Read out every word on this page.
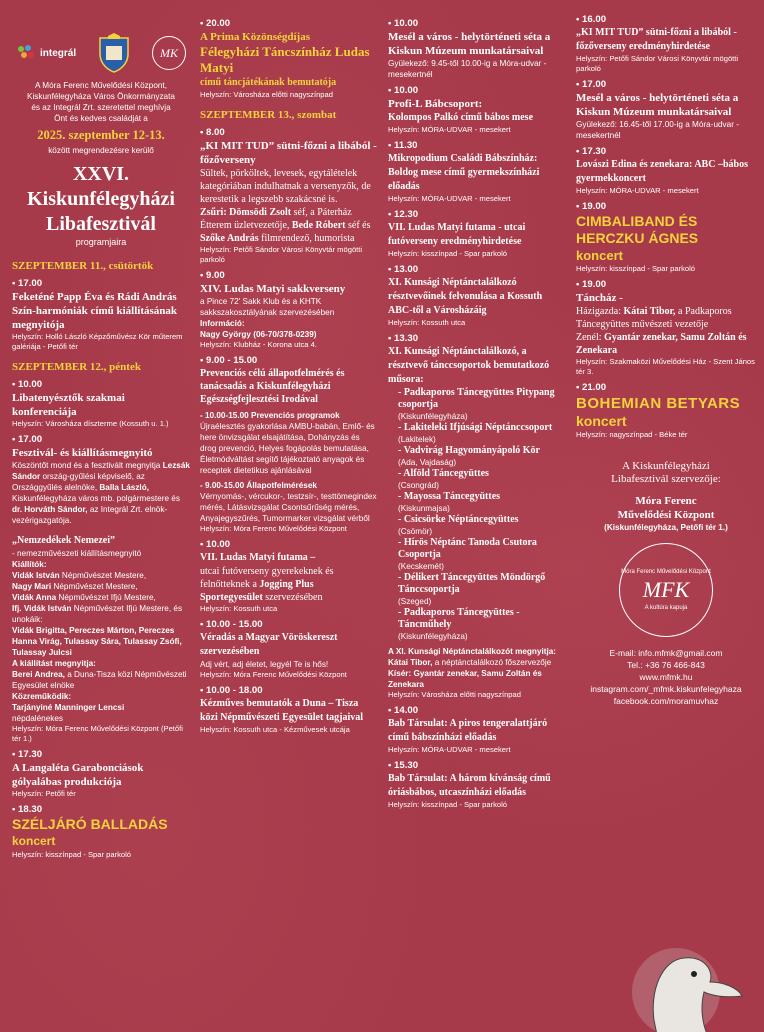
integrál	MK
A Móra Ferenc Művelődési Központ,
Kiskunfélegyháza Város Önkormányzata
és az Integrál Zrt. szeretettel meghívja
Önt és kedves családját a
2025. szeptember 12-13.
között megrendezésre kerülő
XXVI.
Kiskunfélegyházi
Libafesztivál
programjaira
SZEPTEMBER 11., csütörtök
• 17.00
Feketéné Papp Éva és Rádi András Szín-harmóniák című kiállításának megnyitója
Helyszín: Holló László Képzőművész Kör műterem galériája - Petőfi tér
SZEPTEMBER 12., péntek
• 10.00
Libatenyésztők szakmai konferenciája
Helyszín: Városháza díszterme (Kossuth u. 1.)
• 17.00
Fesztivál- és kiállításmegnyitó
Köszöntőt mond és a fesztivált megnyitja Lezsák Sándor ország-gyűlési képviselő, az Országgyűlés alelnöke, Balla László, Kiskunfélegyháza város mb. polgármestere és dr. Horváth Sándor, az Integrál Zrt. elnök-vezérigazgatója.
„Nemzedékek Nemezei”
- nemezművészeti kiállításmegnyitó
Kiállítók:
Vidák István Népművészet Mestere,
Nagy Mari Népművészet Mestere,
Vidák Anna Népművészet Ifjú Mestere,
Ifj. Vidák István Népművészet Ifjú Mestere, és unokáik:
Vidák Brigitta, Pereczes Márton, Pereczes Hanna Virág, Tulassay Sára, Tulassay Zsófi, Tulassay Julcsi
A kiállítást megnyitja:
Berei Andrea, a Duna-Tisza közi Népművészeti Egyesület elnöke
Közreműködik:
Tarjányiné Manninger Lencsi
népdalénekes
Helyszín: Móra Ferenc Művelődési Központ (Petőfi tér 1.)
• 17.30
A Langaléta Garabonciások gólyalábas produkciója
Helyszín: Petőfi tér
• 18.30
SZÉLJÁRÓ BALLADÁS
koncert
Helyszín: kisszínpad - Spar parkoló
• 20.00
A Prima Közönségdíjas
Félegyházi Táncszínház Ludas Matyi
című táncjátékának bemutatója
Helyszín: Városháza előtti nagyszínpad
SZEPTEMBER 13., szombat
• 8.00
„KI MIT TUD” sütni-főzni a libából - főzőverseny
Sültek, pörköltek, levesek, egytálételek kategóriában indulhatnak a versenyzők, de kerestetik a legszebb szakácsné is.
Zsűri: Dömsödi Zsolt séf, a Páterház Étterem üzletvezetője, Bede Róbert séf és Szőke András filmrendező, humorista
Helyszín: Petőfi Sándor Városi Könyvtár mögötti parkoló
• 9.00
XIV. Ludas Matyi sakkverseny
a Pince 72' Sakk Klub és a KHTK sakkszakosztályának szervezésében
Információ:
Nagy György (06-70/378-0239)
Helyszín: Klubház - Korona utca 4.
• 9.00 - 15.00
Prevenciós célú állapotfelmérés és tanácsadás a Kiskunfélegyházi Egészségfejlesztési Irodával
- 10.00-15.00 Prevenciós programok
Újraélesztés gyakorlása AMBU-babán, Emlő- és here önvizsgálat elsajátítása, Dohányzás és drog prevenció, Helyes fogápolás bemutatása, Életmódváltást segítő tájékoztató anyagok és receptek dietetikus ajánlásával
- 9.00-15.00 Állapotfelmérések
Vérnyomás-, vércukor-, testzsír-, testtömegindex mérés, Látásvizsgálat Csontsűrűség mérés, Anyajegyszűrés, Tumormarker vizsgálat vérből
Helyszín: Móra Ferenc Művelődési Központ
• 10.00
VII. Ludas Matyi futama –
utcai futóverseny gyerekeknek és felnőtteknek a Jogging Plus Sportegyesület szervezésében
Helyszín: Kossuth utca
• 10.00 - 15.00
Véradás a Magyar Vöröskereszt szervezésében
Adj vért, adj életet, legyél Te is hős!
Helyszín: Móra Ferenc Művelődési Központ
• 10.00 - 18.00
Kézműves bemutatók a Duna – Tisza közi Népművészeti Egyesület tagjaival
Helyszín: Kossuth utca - Kézművesek utcája
• 10.00
Mesél a város - helytörténeti séta a Kiskun Múzeum munkatársaival
Gyülekező: 9.45-től 10.00-ig a Móra-udvar - mesekertnél
• 10.00
Profi-L Bábcsoport:
Kolompos Palkó című bábos mese
Helyszín: MÓRA-UDVAR - mesekert
• 11.30
Mikropodium Családi Bábszínház:
Boldog mese című gyermekszínházi előadás
Helyszín: MÓRA-UDVAR - mesekert
• 12.30
VII. Ludas Matyi futama - utcai futóverseny eredményhirdetése
Helyszín: kisszínpad - Spar parkoló
• 13.00
XI. Kunsági Néptánctalálkozó résztvevőinek felvonulása a Kossuth ABC-től a Városházáig
Helyszín: Kossuth utca
• 13.30
XI. Kunsági Néptánctalálkozó, a résztvevő tánccsoportok bemutatkozó műsora:
- Padkaporos Táncegyüttes Pitypang csoportja
(Kiskunfélegyháza)
- Lakiteleki Ifjúsági Néptánccsoport
(Lakitelek)
- Vadvirág Hagyományápoló Kör
(Ada, Vajdaság)
- Alföld Táncegyüttes
(Csongrád)
- Mayossa Táncegyüttes
(Kiskunmajsa)
- Csicsörke Néptáncegyüttes
(Csömör)
- Hírös Néptánc Tanoda Csutora Csoportja
(Kecskemét)
- Délikert Táncegyüttes Möndörgő Tánccsoportja
(Szeged)
- Padkaporos Táncegyüttes - Táncműhely
(Kiskunfélegyháza)
A XI. Kunsági Néptánctalálkozót megnyitja:
Kátai Tibor, a néptánctalálkozó főszervezője
Kísér: Gyantár zenekar, Samu Zoltán és Zenekara
Helyszín: Városháza előtti nagyszínpad
• 14.00
Bab Társulat: A piros tengeralattjáró című bábszínházi előadás
Helyszín: MÓRA-UDVAR - mesekert
• 15.30
Bab Társulat: A három kívánság című óriásbábos, utcaszínházi előadás
Helyszín: kisszínpad - Spar parkoló
• 16.00
„KI MIT TUD” sütni-főzni a libából -főzőverseny eredményhirdetése
Helyszín: Petőfi Sándor Városi Könyvtár mögötti parkoló
• 17.00
Mesél a város - helytörténeti séta a Kiskun Múzeum munkatársaival
Gyülekező: 16.45-től 17.00-ig a Móra-udvar - mesekertnél
• 17.30
Lovászi Edina és zenekara: ABC –bábos gyermekkoncert
Helyszín: MÓRA-UDVAR - mesekert
• 19.00
CIMBALIBAND ÉS HERCZKU ÁGNES
koncert
Helyszín: kisszínpad - Spar parkoló
• 19.00
Táncház -
Házigazda: Kátai Tibor, a Padkaporos Táncegyüttes művészeti vezetője
Zenél: Gyantár zenekar, Samu Zoltán és Zenekara
Helyszín: Szakmaközi Művelődési Ház - Szent János tér 3.
• 21.00
BOHEMIAN BETYARS
koncert
Helyszín: nagyszínpad - Béke tér
A Kiskunfélegyházi
Libafesztivál szervezője:
Móra Ferenc
Művelődési Központ
(Kiskunfélegyháza, Petőfi tér 1.)
Móra Ferenc Művelődési Központ
MFK
A kultúra kapuja
E-mail: info.mfmk@gmail.com
Tel.: +36 76 466-843
www.mfmk.hu
instagram.com/_mfmk.kiskunfelegyhaza
facebook.com/moramuvhaz
